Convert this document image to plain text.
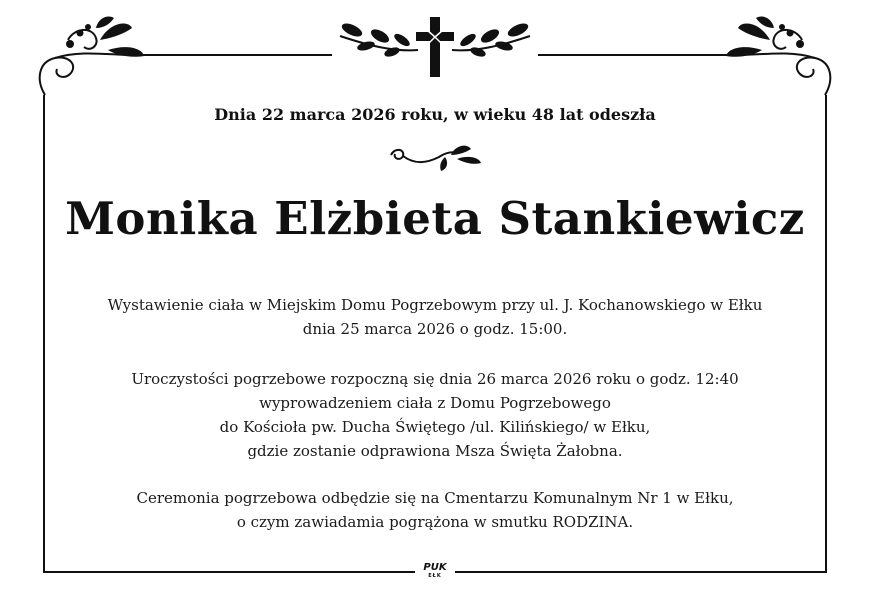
Dnia 22 marca 2026 roku, w wieku 48 lat odeszła
Monika Elżbieta Stankiewicz
Wystawienie ciała w Miejskim Domu Pogrzebowym przy ul. J. Kochanowskiego w Ełku
dnia 25 marca 2026 o godz. 15:00.
Uroczystości pogrzebowe rozpoczną się dnia 26 marca 2026 roku o godz. 12:40
wyprowadzeniem ciała z Domu Pogrzebowego
do Kościoła pw. Ducha Świętego /ul. Kilińskiego/ w Ełku,
gdzie zostanie odprawiona Msza Święta Żałobna.
Ceremonia pogrzebowa odbędzie się na Cmentarzu Komunalnym Nr 1 w Ełku,
o czym zawiadamia pogrążona w smutku RODZINA.
PUK
EŁK
